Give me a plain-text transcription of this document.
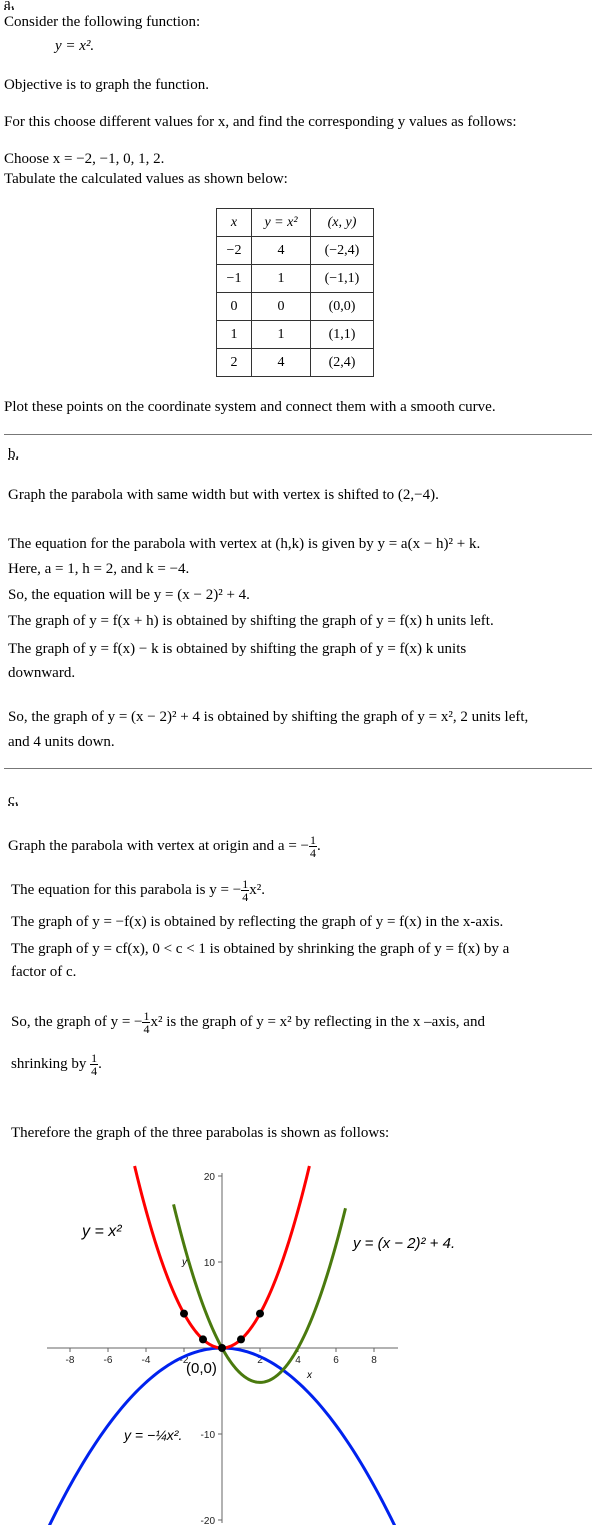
a.
Consider the following function:
y = x².
Objective is to graph the function.
For this choose different values for x, and find the corresponding y values as follows:
Choose x = −2, −1, 0, 1, 2.
Tabulate the calculated values as shown below:
x	y = x²	(x, y)
−2	4	(−2,4)
−1	1	(−1,1)
0	0	(0,0)
1	1	(1,1)
2	4	(2,4)
Plot these points on the coordinate system and connect them with a smooth curve.
b.
Graph the parabola with same width but with vertex is shifted to (2,−4).
The equation for the parabola with vertex at (h,k) is given by y = a(x − h)² + k.
Here, a = 1, h = 2, and k = −4.
So, the equation will be y = (x − 2)² + 4.
The graph of y = f(x + h) is obtained by shifting the graph of y = f(x) h units left.
The graph of y = f(x) − k is obtained by shifting the graph of y = f(x) k units
downward.
So, the graph of y = (x − 2)² + 4 is obtained by shifting the graph of y = x², 2 units left,
and 4 units down.
c.
Graph the parabola with vertex at origin and a = − $\frac{1}{4}$ .
The equation for this parabola is y = − $\frac{1}{4} x^2$.
The graph of y = −f(x) is obtained by reflecting the graph of y = f(x) in the x-axis.
The graph of y = cf(x), 0 < c < 1 is obtained by shrinking the graph of y = f(x) by a
factor of c.
So, the graph of y = − $\frac{1}{4} x^2$ is the graph of y = x² by reflecting in the x –axis, and
shrinking by $\frac{1}{4}$ .
Therefore the graph of the three parabolas is shown as follows:
-8	-6	-4	-2	2	4	6	8
20
10
-10
-20
y = x²
y = (x − 2)² + 4.
y = −¼x².
(0,0)	x
y
